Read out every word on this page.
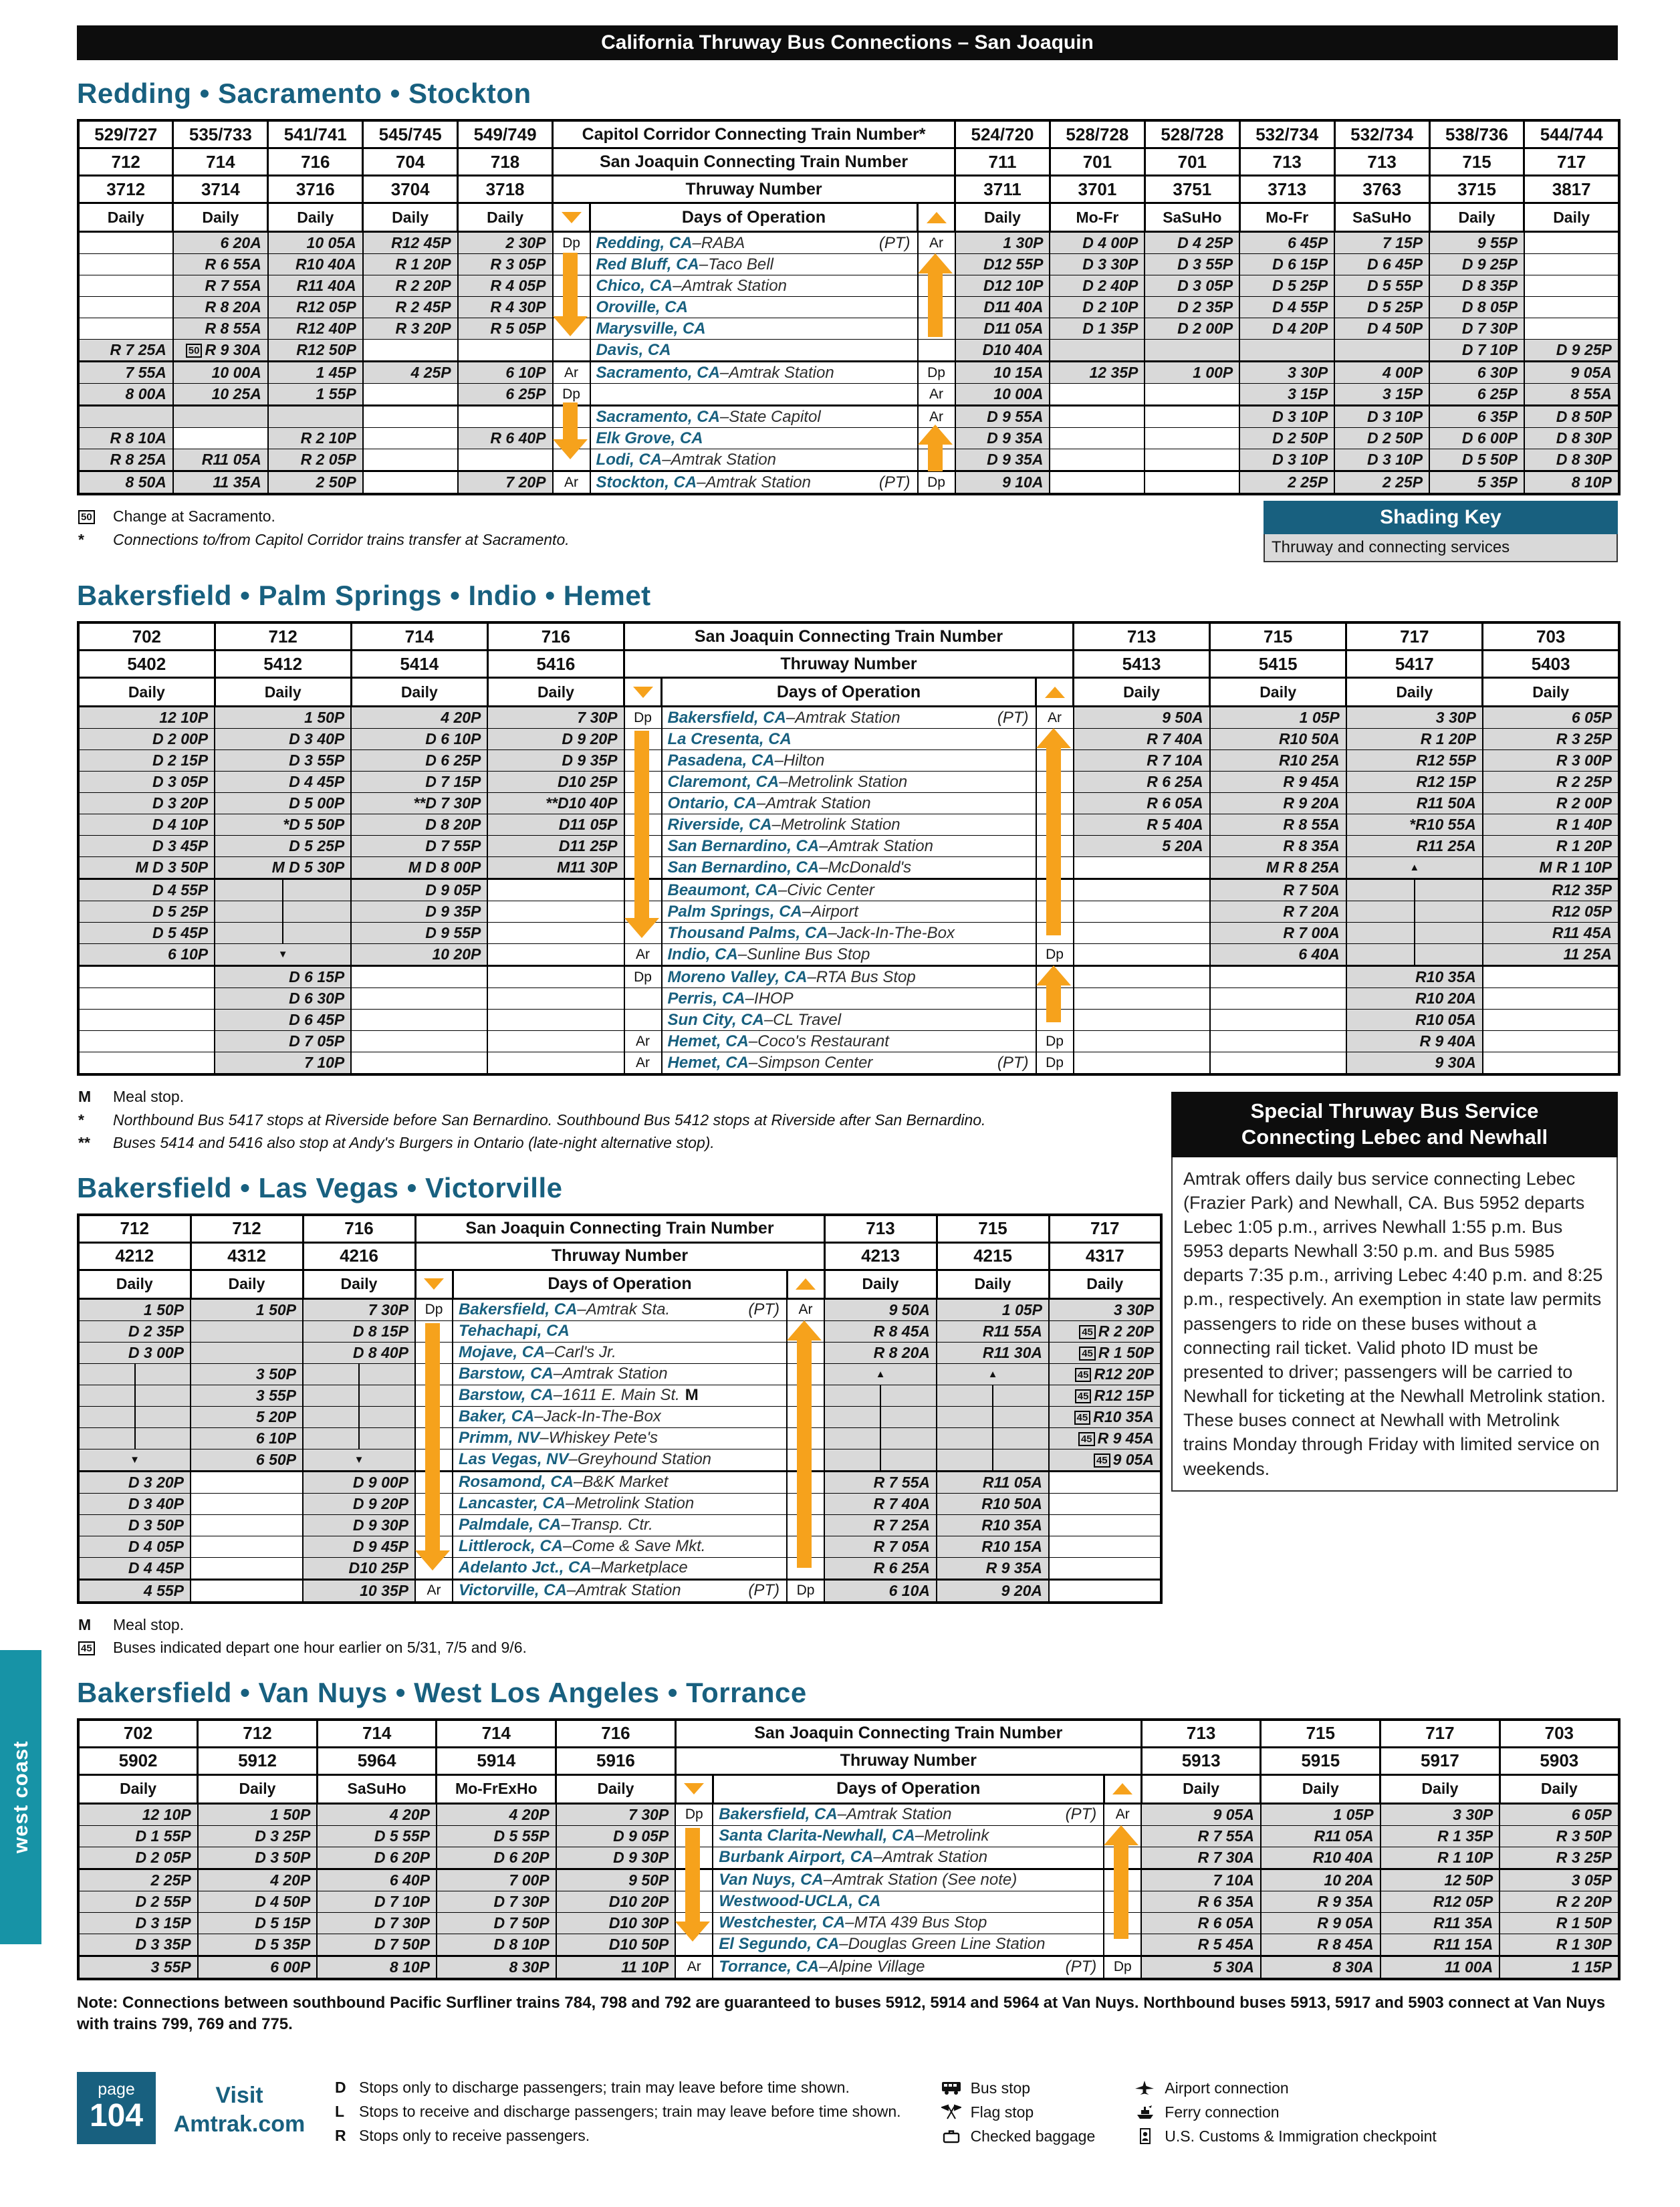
California Thruway Bus Connections – San Joaquin
Redding • Sacramento • Stockton
529/727	535/733	541/741	545/745	549/749	Capitol Corridor Connecting Train Number*			524/720	528/728	528/728	532/734	532/734	538/736	544/744
712	714	716	704	718	San Joaquin Connecting Train Number			711	701	701	713	713	715	717
3712	3714	3716	3704	3718	Thruway Number			3711	3701	3751	3713	3763	3715	3817
Daily	Daily	Daily	Daily	Daily		Days of Operation		Daily	Mo-Fr	SaSuHo	Mo-Fr	SaSuHo	Daily	Daily
	6 20A	10 05A	R12 45P	2 30P	Dp	Redding, CA –RABA (PT)	Ar	1 30P	D 4 00P	D 4 25P	6 45P	7 15P	9 55P	
	R 6 55A	R10 40A	R 1 20P	R 3 05P		Red Bluff, CA –Taco Bell		D12 55P	D 3 30P	D 3 55P	D 6 15P	D 6 45P	D 9 25P	
	R 7 55A	R11 40A	R 2 20P	R 4 05P		Chico, CA –Amtrak Station		D12 10P	D 2 40P	D 3 05P	D 5 25P	D 5 55P	D 8 35P	
	R 8 20A	R12 05P	R 2 45P	R 4 30P		Oroville, CA		D11 40A	D 2 10P	D 2 35P	D 4 55P	D 5 25P	D 8 05P	
	R 8 55A	R12 40P	R 3 20P	R 5 05P		Marysville, CA		D11 05A	D 1 35P	D 2 00P	D 4 20P	D 4 50P	D 7 30P	
R 7 25A	50 R 9 30A	R12 50P				Davis, CA		D10 40A					D 7 10P	D 9 25P
7 55A	10 00A	1 45P	4 25P	6 10P	Ar	Sacramento, CA –Amtrak Station	Dp	10 15A	12 35P	1 00P	3 30P	4 00P	6 30P	9 05A
8 00A	10 25A	1 55P		6 25P	Dp		Ar	10 00A			3 15P	3 15P	6 25P	8 55A

						Sacramento, CA –State Capitol	Ar	D 9 55A			D 3 10P	D 3 10P	6 35P	D 8 50P
R 8 10A		R 2 10P		R 6 40P		Elk Grove, CA		D 9 35A			D 2 50P	D 2 50P	D 6 00P	D 8 30P
R 8 25A	R11 05A	R 2 05P				Lodi, CA –Amtrak Station		D 9 35A			D 3 10P	D 3 10P	D 5 50P	D 8 30P
8 50A	11 35A	2 50P		7 20P	Ar	Stockton, CA –Amtrak Station (PT)	Dp	9 10A			2 25P	2 25P	5 35P	8 10P
50	Change at Sacramento.
*	Connections to/from Capitol Corridor trains transfer at Sacramento.
Shading Key
Thruway and connecting services
Bakersfield • Palm Springs • Indio • Hemet
702	712	714	716	San Joaquin Connecting Train Number			713	715	717	703
5402	5412	5414	5416	Thruway Number			5413	5415	5417	5403
Daily	Daily	Daily	Daily		Days of Operation		Daily	Daily	Daily	Daily
12 10P	1 50P	4 20P	7 30P	Dp	Bakersfield, CA –Amtrak Station (PT)	Ar	9 50A	1 05P	3 30P	6 05P
D 2 00P	D 3 40P	D 6 10P	D 9 20P		La Cresenta, CA		R 7 40A	R10 50A	R 1 20P	R 3 25P
D 2 15P	D 3 55P	D 6 25P	D 9 35P		Pasadena, CA –Hilton		R 7 10A	R10 25A	R12 55P	R 3 00P
D 3 05P	D 4 45P	D 7 15P	D10 25P		Claremont, CA –Metrolink Station		R 6 25A	R 9 45A	R12 15P	R 2 25P
D 3 20P	D 5 00P	**D 7 30P	**D10 40P		Ontario, CA –Amtrak Station		R 6 05A	R 9 20A	R11 50A	R 2 00P
D 4 10P	*D 5 50P	D 8 20P	D11 05P		Riverside, CA –Metrolink Station		R 5 40A	R 8 55A	*R10 55A	R 1 40P
D 3 45P	D 5 25P	D 7 55P	D11 25P		San Bernardino, CA –Amtrak Station		5 20A	R 8 35A	R11 25A	R 1 20P
M D 3 50P	M D 5 30P	M D 8 00P	M11 30P		San Bernardino, CA –McDonald's			M R 8 25A	▲	M R 1 10P
D 4 55P		D 9 05P			Beaumont, CA –Civic Center			R 7 50A		R12 35P
D 5 25P		D 9 35P			Palm Springs, CA –Airport			R 7 20A		R12 05P
D 5 45P		D 9 55P			Thousand Palms, CA –Jack-In-The-Box			R 7 00A		R11 45A
6 10P	▼	10 20P		Ar	Indio, CA –Sunline Bus Stop	Dp		6 40A		11 25A
	D 6 15P			Dp	Moreno Valley, CA –RTA Bus Stop				R10 35A	
	D 6 30P				Perris, CA –IHOP				R10 20A	
	D 6 45P				Sun City, CA –CL Travel				R10 05A	
	D 7 05P			Ar	Hemet, CA –Coco's Restaurant	Dp			R 9 40A	
	7 10P			Ar	Hemet, CA –Simpson Center (PT)	Dp			9 30A	
M	Meal stop.
*	Northbound Bus 5417 stops at Riverside before San Bernardino. Southbound Bus 5412 stops at Riverside after San Bernardino.
**	Buses 5414 and 5416 also stop at Andy's Burgers in Ontario (late-night alternative stop).
Bakersfield • Las Vegas • Victorville
712	712	716	San Joaquin Connecting Train Number			713	715	717
4212	4312	4216	Thruway Number			4213	4215	4317
Daily	Daily	Daily		Days of Operation		Daily	Daily	Daily
1 50P	1 50P	7 30P	Dp	Bakersfield, CA –Amtrak Sta. (PT)	Ar	9 50A	1 05P	3 30P
D 2 35P		D 8 15P		Tehachapi, CA		R 8 45A	R11 55A	45 R 2 20P
D 3 00P		D 8 40P		Mojave, CA –Carl's Jr.		R 8 20A	R11 30A	45 R 1 50P
	3 50P			Barstow, CA –Amtrak Station		▲	▲	45 R12 20P
	3 55P			Barstow, CA –1611 E. Main St. M				45 R12 15P
	5 20P			Baker, CA –Jack-In-The-Box				45 R10 35A
	6 10P			Primm, NV –Whiskey Pete's				45 R 9 45A
▼	6 50P	▼		Las Vegas, NV –Greyhound Station				45 9 05A
D 3 20P		D 9 00P		Rosamond, CA –B&K Market		R 7 55A	R11 05A	
D 3 40P		D 9 20P		Lancaster, CA –Metrolink Station		R 7 40A	R10 50A	
D 3 50P		D 9 30P		Palmdale, CA –Transp. Ctr.		R 7 25A	R10 35A	
D 4 05P		D 9 45P		Littlerock, CA –Come & Save Mkt.		R 7 05A	R10 15A	
D 4 45P		D10 25P		Adelanto Jct., CA –Marketplace		R 6 25A	R 9 35A	
4 55P		10 35P	Ar	Victorville, CA –Amtrak Station (PT)	Dp	6 10A	9 20A	
M	Meal stop.
45	Buses indicated depart one hour earlier on 5/31, 7/5 and 9/6.
Special Thruway Bus Service
Connecting Lebec and Newhall
Amtrak offers daily bus service connecting Lebec (Frazier Park) and Newhall, CA. Bus 5952 departs Lebec 1:05 p.m., arrives Newhall 1:55 p.m. Bus 5953 departs Newhall 3:50 p.m. and Bus 5985 departs 7:35 p.m., arriving Lebec 4:40 p.m. and 8:25 p.m., respectively. An exemption in state law permits passengers to ride on these buses without a connecting rail ticket. Valid photo ID must be presented to driver; passengers will be carried to Newhall for ticketing at the Newhall Metrolink station. These buses connect at Newhall with Metrolink trains Monday through Friday with limited service on weekends.
Bakersfield • Van Nuys • West Los Angeles • Torrance
702	712	714	714	716	San Joaquin Connecting Train Number			713	715	717	703
5902	5912	5964	5914	5916	Thruway Number			5913	5915	5917	5903
Daily	Daily	SaSuHo	Mo-FrExHo	Daily		Days of Operation		Daily	Daily	Daily	Daily
12 10P	1 50P	4 20P	4 20P	7 30P	Dp	Bakersfield, CA –Amtrak Station (PT)	Ar	9 05A	1 05P	3 30P	6 05P
D 1 55P	D 3 25P	D 5 55P	D 5 55P	D 9 05P		Santa Clarita-Newhall, CA –Metrolink		R 7 55A	R11 05A	R 1 35P	R 3 50P
D 2 05P	D 3 50P	D 6 20P	D 6 20P	D 9 30P		Burbank Airport, CA –Amtrak Station		R 7 30A	R10 40A	R 1 10P	R 3 25P
2 25P	4 20P	6 40P	7 00P	9 50P		Van Nuys, CA –Amtrak Station (See note)		7 10A	10 20A	12 50P	3 05P
D 2 55P	D 4 50P	D 7 10P	D 7 30P	D10 20P		Westwood-UCLA, CA		R 6 35A	R 9 35A	R12 05P	R 2 20P
D 3 15P	D 5 15P	D 7 30P	D 7 50P	D10 30P		Westchester, CA –MTA 439 Bus Stop		R 6 05A	R 9 05A	R11 35A	R 1 50P
D 3 35P	D 5 35P	D 7 50P	D 8 10P	D10 50P		El Segundo, CA –Douglas Green Line Station		R 5 45A	R 8 45A	R11 15A	R 1 30P
3 55P	6 00P	8 10P	8 30P	11 10P	Ar	Torrance, CA –Alpine Village (PT)	Dp	5 30A	8 30A	11 00A	1 15P

Note: Connections between southbound Pacific Surfliner trains 784, 798 and 792 are guaranteed to buses 5912, 5914 and 5964 at Van Nuys. Northbound buses 5913, 5917 and 5903 connect at Van Nuys with trains 799, 769 and 775.

page
104
Visit
Amtrak.com
D Stops only to discharge passengers; train may leave before time shown.
L Stops to receive and discharge passengers; train may leave before time shown.
R Stops only to receive passengers.
Bus stop
Flag stop
Checked baggage
Airport connection
Ferry connection
U.S. Customs & Immigration checkpoint
west coast
